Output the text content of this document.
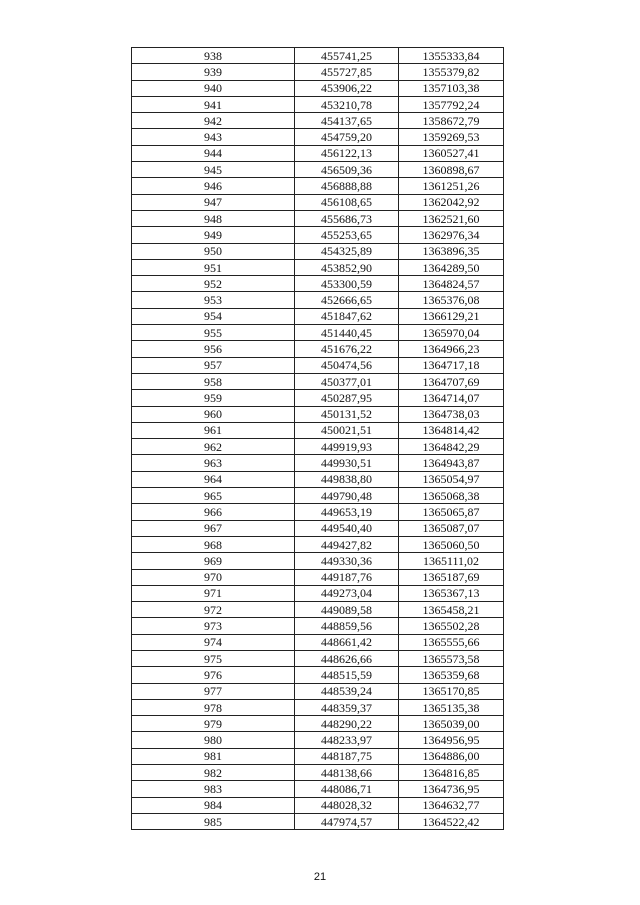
938	455741,25	1355333,84
939	455727,85	1355379,82
940	453906,22	1357103,38
941	453210,78	1357792,24
942	454137,65	1358672,79
943	454759,20	1359269,53
944	456122,13	1360527,41
945	456509,36	1360898,67
946	456888,88	1361251,26
947	456108,65	1362042,92
948	455686,73	1362521,60
949	455253,65	1362976,34
950	454325,89	1363896,35
951	453852,90	1364289,50
952	453300,59	1364824,57
953	452666,65	1365376,08
954	451847,62	1366129,21
955	451440,45	1365970,04
956	451676,22	1364966,23
957	450474,56	1364717,18
958	450377,01	1364707,69
959	450287,95	1364714,07
960	450131,52	1364738,03
961	450021,51	1364814,42
962	449919,93	1364842,29
963	449930,51	1364943,87
964	449838,80	1365054,97
965	449790,48	1365068,38
966	449653,19	1365065,87
967	449540,40	1365087,07
968	449427,82	1365060,50
969	449330,36	1365111,02
970	449187,76	1365187,69
971	449273,04	1365367,13
972	449089,58	1365458,21
973	448859,56	1365502,28
974	448661,42	1365555,66
975	448626,66	1365573,58
976	448515,59	1365359,68
977	448539,24	1365170,85
978	448359,37	1365135,38
979	448290,22	1365039,00
980	448233,97	1364956,95
981	448187,75	1364886,00
982	448138,66	1364816,85
983	448086,71	1364736,95
984	448028,32	1364632,77
985	447974,57	1364522,42
21
